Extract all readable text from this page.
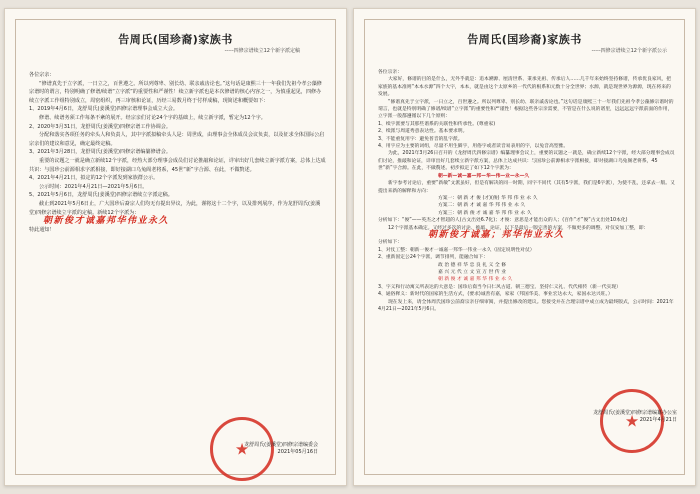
告周氏(国珍裔)家族书
-----四修宗谱续立12个新字派定稿

各位宗亲：

“修谱真先于立字派，一日立之，百世遵之。所以列尊卑、别长幼、联亲戚齿论也。”这句话是康熙三十一年我们先祖今孝公藻修宗谱时的谓言，特别明确了修谱/续谱“立字派”的重要性和严谨性！续立新字派也是本次修谱的核心内容之一，为慎重起见，四修办续立字派工作组特别成立，周密组织，再三审核和论证，历经三易数月终于付样成稿，现简述和概要如下：

1、2019年4月6日，龙舒周氏(姜溪堂)四修宗谱理事会成立大会。

修谱、续谱务须工作每条不紊的展开。经宗亲们讨论24个字的基础上，续立新字派，暂定为12个字。

2、2020年3月31日，龙舒周氏(姜溪堂)四修宗谱工作协调会。

分配和落实各项任务的牵头人和负责人，其中字派拟稿牵头人是：周世成，由理事会全体成员会议负责，以及征求全体国际公启宗亲们的建议和意见，确定最终定稿。

3、2021年3月28日，龙舒周氏(姜溪堂)四修宗谱编纂修谱会。

重要的议题之一就是确立新续12个字派，经热大部分理事会成员们讨论推敲和论证，详审出好几套续立新字派方案，总体上达成共识：与国珍公前源相求字派相接，即好接湖口乌兔阁老将系，45世“新”字合源、在此，不做赘述。

4、2021年4月21日，拟定的12个字派发到家族群公示。

公示时间：2021年4月21日—2021年5月6日。

5、2021年5月6日，龙舒周氏(姜溪堂)四修宗谱续立字派定稿。

截止到2021年5月6日止，广大国珍后裔宗人们均无有提出异议，为此，谨将这十二个字，以及排列展序，作为龙舒周氏(姜溪堂)四修宗谱续立字派的定稿。新续12个字派为：

朝新俊才诚嘉邦华伟业永久

特此通知！

★
龙舒周氏(姜溪堂)四修宗谱编委会
2021年05月16日
告周氏(国珍裔)家族书
-----四修宗谱续立12个新字派公示

各位宗亲：

大家好，修谱的目的是什么，无外乎就是：追本溯源、厘清世系、秉承先祖、传承后人……几千年来始终坚持修谱，传承优良家风，把家族的基本准则“本本水源”四个大字，本本，就是由这个太原乡的一代代的根系和元数十分全世界；水源，就是现世界为源源，现在将来的发展。

“修谱真先于立字派，一日立之，百世遵之。所以列尊卑、别长幼、联亲戚齿论也。”这句话是康熙三十一年我们先祖今孝公藻修宗谱时的谓言，也就是特别明确了修谱/续谱“立字派”的重要性和严谨性！根据这些各宗亲需要，不管是在什么说的谱里，远远远远字派前面的作用，立字派一般都遵循以下几个原则：

1、续字派要与其那些谱系的关联性和传承性。(尊重家)

2、续派与周道秀意表达性。基本要求明。

3、不能重复用字：避免普音的乱字派。

4、用字应为主要的词组，尽量不用生僻字，用俗字或者读音易表用的字，以兔音高型雅。

为此，2021年3月26日召开的《龙舒周氏四修宗谱》编纂理事会议上，重要的议题之一就是，确立新续12个字派，经大部分理事会成员们讨论，推敲和论证，详审出好几套续立新字派方案，总体上达成共识：与国珍公前源相求字派相接，即对接湖口乌兔阁老将系，45世“新”字合源。在此，不做赘述。初步拟定了如下12个字派为：

朝—新—诚—嘉—邦—华—伟—业—永—久

新字参考讨论后，重要“新敏”文派虽好，但是有解决的同一时期，同字不同代（其有5字派，我们是6字派），为使不乱，还拿去一版。又提出来新的解释和方向：

方案一：朝 新 才 俊 (才)(俊) 华 邦 伟 业 永 久

方案二：朝 新 才 诚 嘉 华 邦 伟 业 永 久

方案三：朝 新 俊 才 诚 嘉 华 邦 伟 业 永 久

分析如下：“俊”——英杰之才智超的人(古文出处6.7化)；才俊：意思是才能出众的人；(百作“才”俊“古文出处10本化)

12个字派基本确定。又经过多次的讨论、推敲、论证，以下是最后一版完善的方案，不做更多的调整，对仅安加工整，即：

朝新俊才诚嘉；邦华伟业永久

分析如下：

1、对仗工整：朝新一俊才一诚嘉一邦华一伟业一永久（固定说明性对仗）

2、重新固定公24个字派，调节排列，能融合如下：

政 治 德 祥 华 忠 良 礼 义 全 修

嘉 兴 元 代 立 文 宣 万 世 传 业

朝 新 俊 才 诚 嘉 邦 华 伟 业 永 久

3、字义和行动寓义所表达的大意是：国珍后裔当今日仁风古道、朝三德宝、坚持仁义礼、代代相传（新一代实现）

4、通俗释义：新时代的国家的生活方式，(要求)诚善有嘉，家家（邦国华美、事业宏达永大，家国永达兴旺。）

现在发上来，请全体周氏国珍公前裔宗亲仔细审阅，并提出修改的建议。您接受并在合理宗谱中成立成为最终版式，公示时间：2021年4月21日—2021年5月6日。

★
龙舒周氏(姜溪堂)四修宗谱编纂办公室
2021年4月21日
